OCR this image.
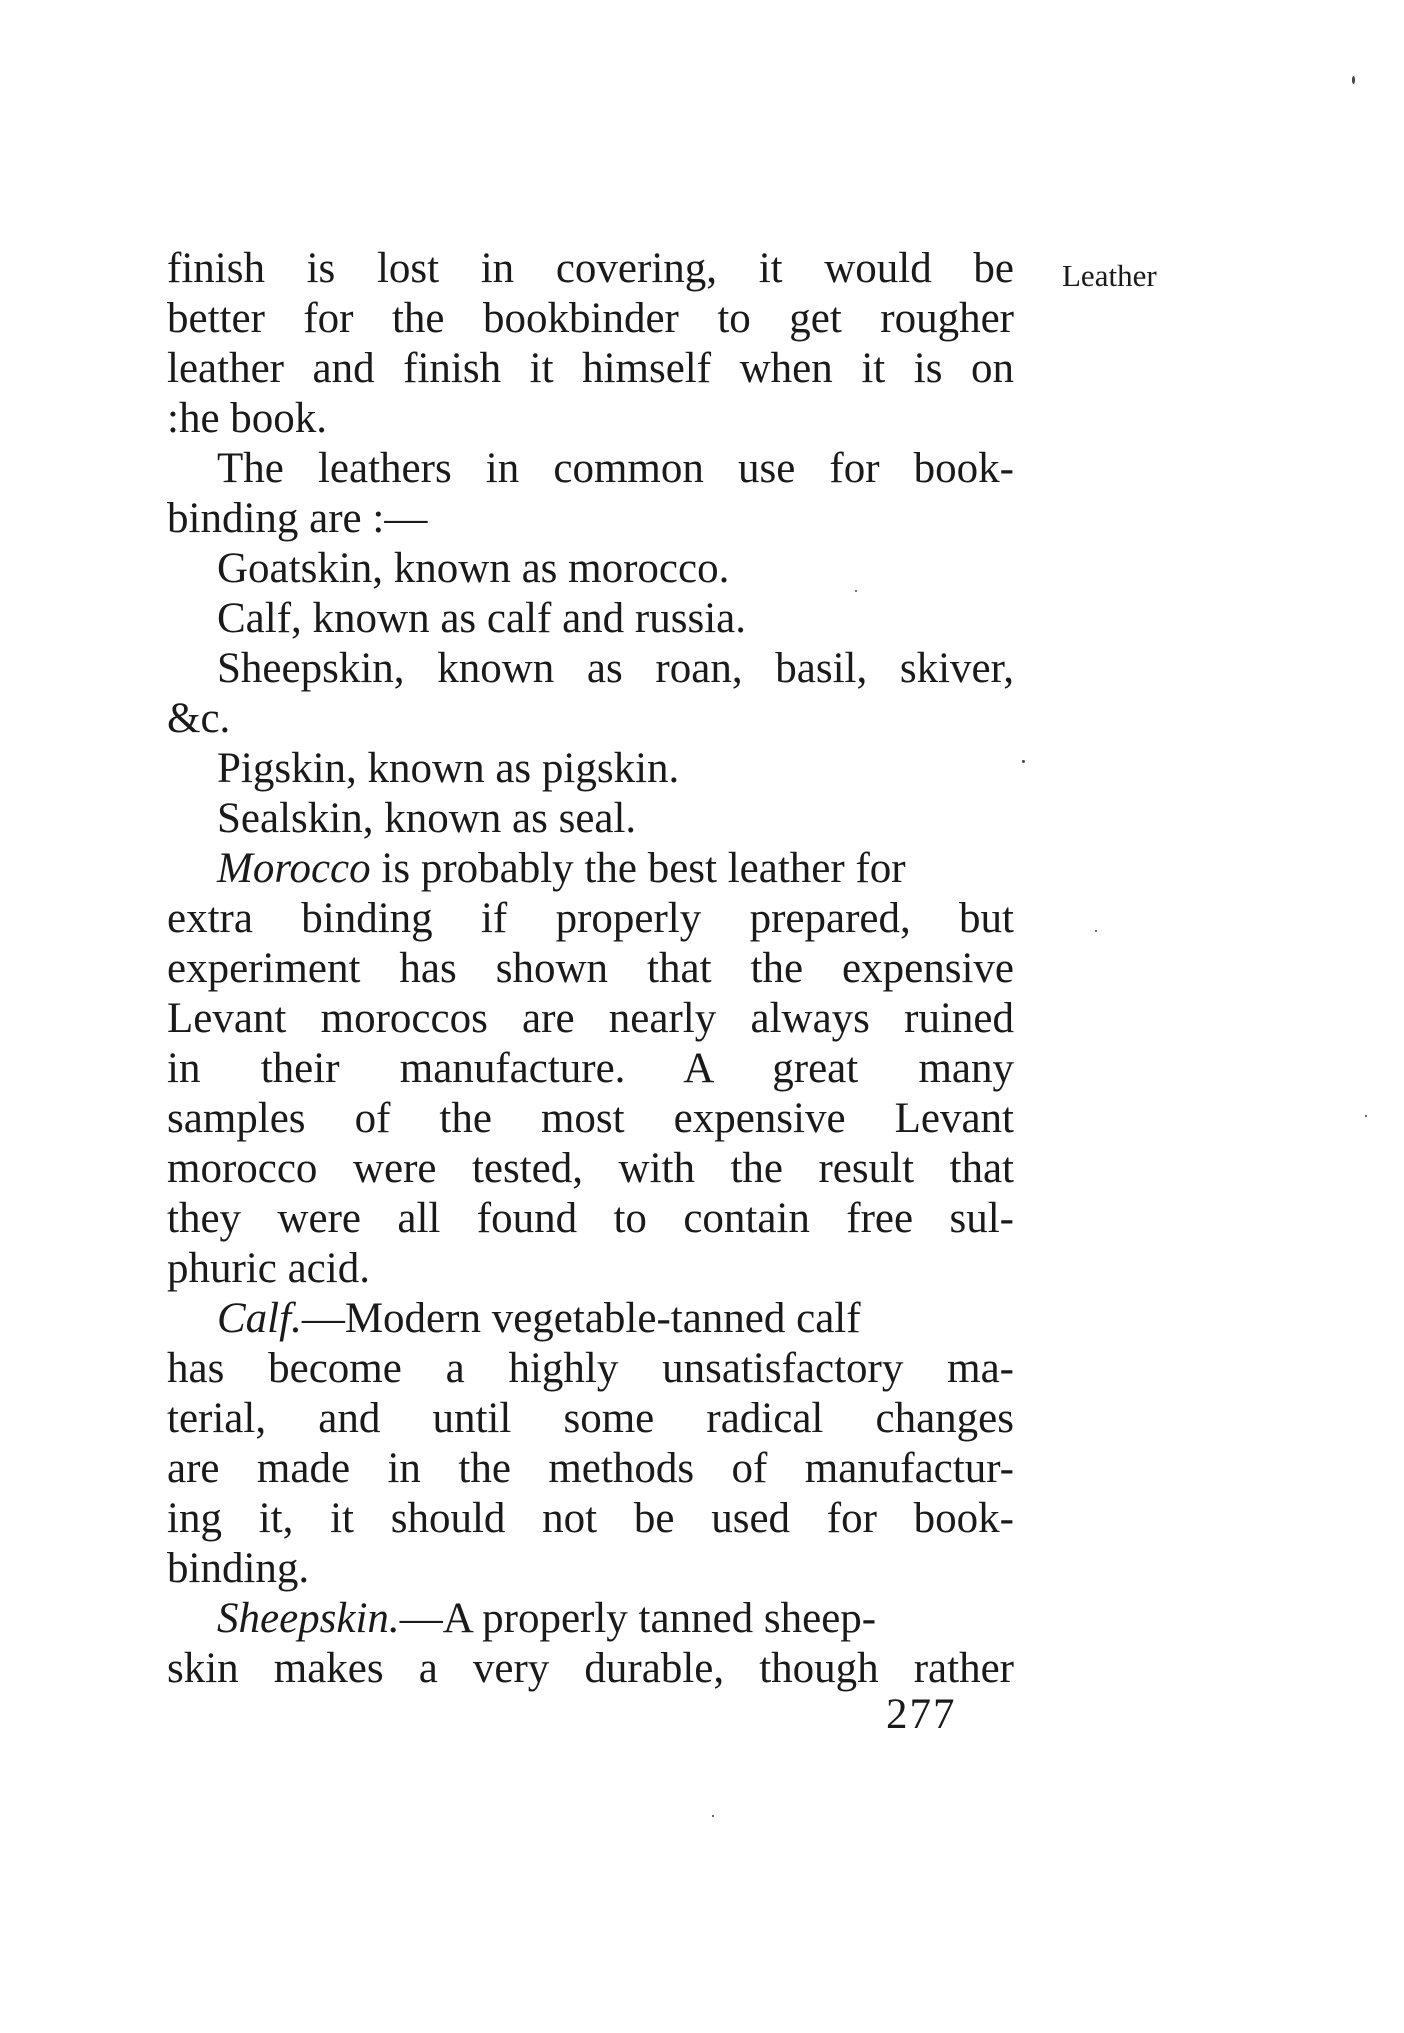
finish is lost in covering, it would be
better for the bookbinder to get rougher
leather and finish it himself when it is on
:he book.
The leathers in common use for book-
binding are :—
Goatskin, known as morocco.
Calf, known as calf and russia.
Sheepskin, known as roan, basil, skiver,
&c.
Pigskin, known as pigskin.
Sealskin, known as seal.
Morocco is probably the best leather for
extra binding if properly prepared, but
experiment has shown that the expensive
Levant moroccos are nearly always ruined
in their manufacture. A great many
samples of the most expensive Levant
morocco were tested, with the result that
they were all found to contain free sul-
phuric acid.
Calf.—Modern vegetable-tanned calf
has become a highly unsatisfactory ma-
terial, and until some radical changes
are made in the methods of manufactur-
ing it, it should not be used for book-
binding.
Sheepskin.—A properly tanned sheep-
skin makes a very durable, though rather
Leather
277
